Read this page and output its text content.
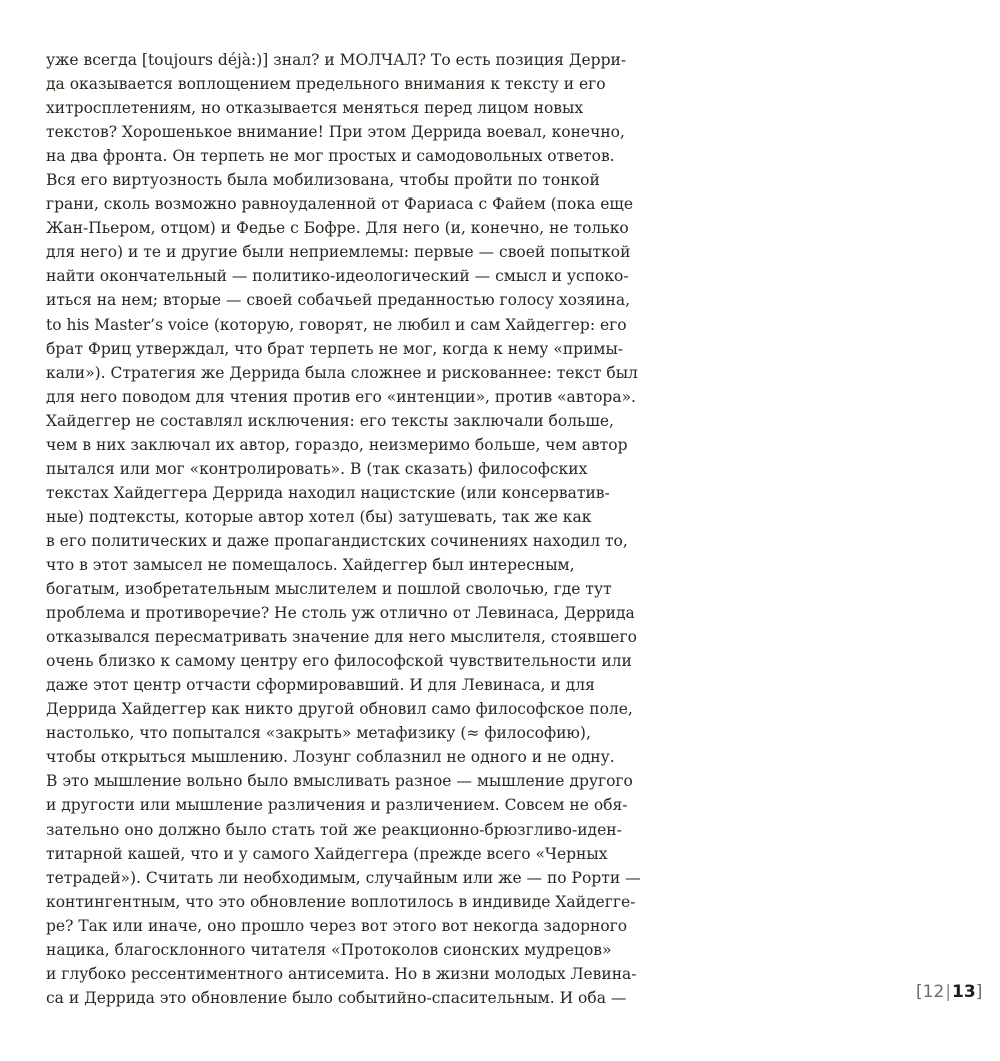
уже всегда [toujours déjà:)] знал? и МОЛЧАЛ? То есть позиция Дерри-
да оказывается воплощением предельного внимания к тексту и его
хитросплетениям, но отказывается меняться перед лицом новых
текстов? Хорошенькое внимание! При этом Деррида воевал, конечно,
на два фронта. Он терпеть не мог простых и самодовольных ответов.
Вся его виртуозность была мобилизована, чтобы пройти по тонкой
грани, сколь возможно равноудаленной от Фариаса с Файем (пока еще
Жан-Пьером, отцом) и Федье с Бофре. Для него (и, конечно, не только
для него) и те и другие были неприемлемы: первые — своей попыткой
найти окончательный — политико-идеологический — смысл и успоко-
иться на нем; вторые — своей собачьей преданностью голосу хозяина,
to his Master’s voice (которую, говорят, не любил и сам Хайдеггер: его
брат Фриц утверждал, что брат терпеть не мог, когда к нему «примы-
кали»). Стратегия же Деррида была сложнее и рискованнее: текст был
для него поводом для чтения против его «интенции», против «автора».
Хайдеггер не составлял исключения: его тексты заключали больше,
чем в них заключал их автор, гораздо, неизмеримо больше, чем автор
пытался или мог «контролировать». В (так сказать) философских
текстах Хайдеггера Деррида находил нацистские (или консерватив-
ные) подтексты, которые автор хотел (бы) затушевать, так же как
в его политических и даже пропагандистских сочинениях находил то,
что в этот замысел не помещалось. Хайдеггер был интересным,
богатым, изобретательным мыслителем и пошлой сволочью, где тут
проблема и противоречие? Не столь уж отлично от Левинаса, Деррида
отказывался пересматривать значение для него мыслителя, стоявшего
очень близко к самому центру его философской чувствительности или
даже этот центр отчасти сформировавший. И для Левинаса, и для
Деррида Хайдеггер как никто другой обновил само философское поле,
настолько, что попытался «закрыть» метафизику (≈ философию),
чтобы открыться мышлению. Лозунг соблазнил не одного и не одну.
В это мышление вольно было вмысливать разное — мышление другого
и другости или мышление различения и различением. Совсем не обя-
зательно оно должно было стать той же реакционно-брюзгливо-иден-
титарной кашей, что и у самого Хайдеггера (прежде всего «Черных
тетрадей»). Считать ли необходимым, случайным или же — по Рорти —
контингентным, что это обновление воплотилось в индивиде Хайдегге-
ре? Так или иначе, оно прошло через вот этого вот некогда задорного
нацика, благосклонного читателя «Протоколов сионских мудрецов»
и глубоко рессентиментного антисемита. Но в жизни молодых Левина-
са и Деррида это обновление было событийно-спасительным. И оба —	[12|13]
